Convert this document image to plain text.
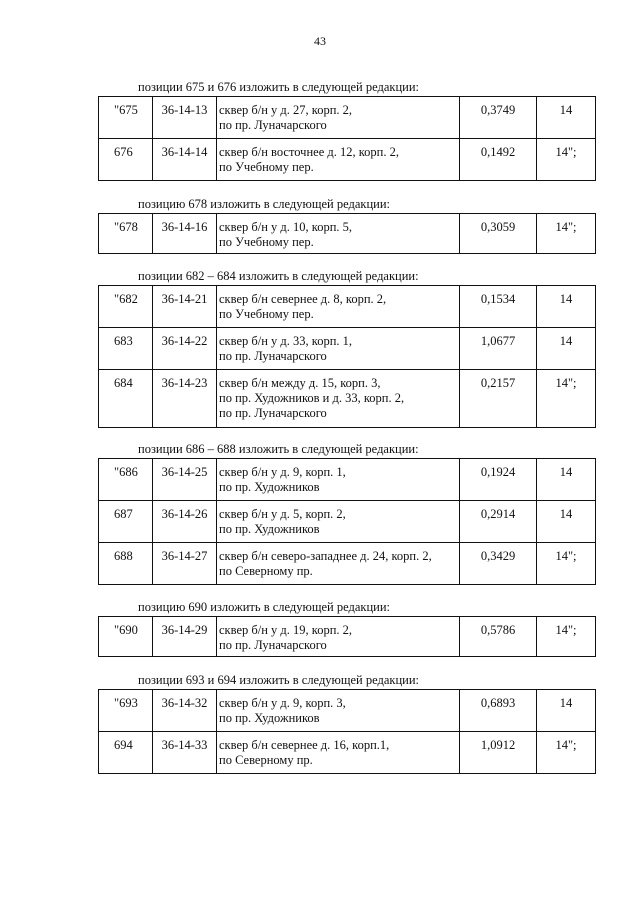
43
позиции 675 и 676 изложить в следующей редакции:
"675	36-14-13	сквер б/н у д. 27, корп. 2,
по пр. Луначарского	0,3749	14
676	36-14-14	сквер б/н восточнее д. 12, корп. 2,
по Учебному пер.	0,1492	14";
позицию 678 изложить в следующей редакции:
"678	36-14-16	сквер б/н у д. 10, корп. 5,
по Учебному пер.
	0,3059	14";
позиции 682 – 684 изложить в следующей редакции:
"682	36-14-21	сквер б/н севернее д. 8, корп. 2,
по Учебному пер.	0,1534	14
683	36-14-22	сквер б/н у д. 33, корп. 1,
по пр. Луначарского	1,0677	14
684	36-14-23	сквер б/н между д. 15, корп. 3,
по пр. Художников и д. 33, корп. 2,
по пр. Луначарского	0,2157	14";
позиции 686 – 688 изложить в следующей редакции:
"686	36-14-25	сквер б/н у д. 9, корп. 1,
по пр. Художников	0,1924	14
687	36-14-26	сквер б/н у д. 5, корп. 2,
по пр. Художников	0,2914	14
688	36-14-27	сквер б/н северо-западнее д. 24, корп. 2,
по Северному пр.	0,3429	14";
позицию 690 изложить в следующей редакции:
"690	36-14-29	сквер б/н у д. 19, корп. 2,
по пр. Луначарского
	0,5786	14";
позиции 693 и 694 изложить в следующей редакции:
"693	36-14-32	сквер б/н у д. 9, корп. 3,
по пр. Художников	0,6893	14
694	36-14-33	сквер б/н севернее д. 16, корп.1,
по Северному пр.	1,0912	14";
